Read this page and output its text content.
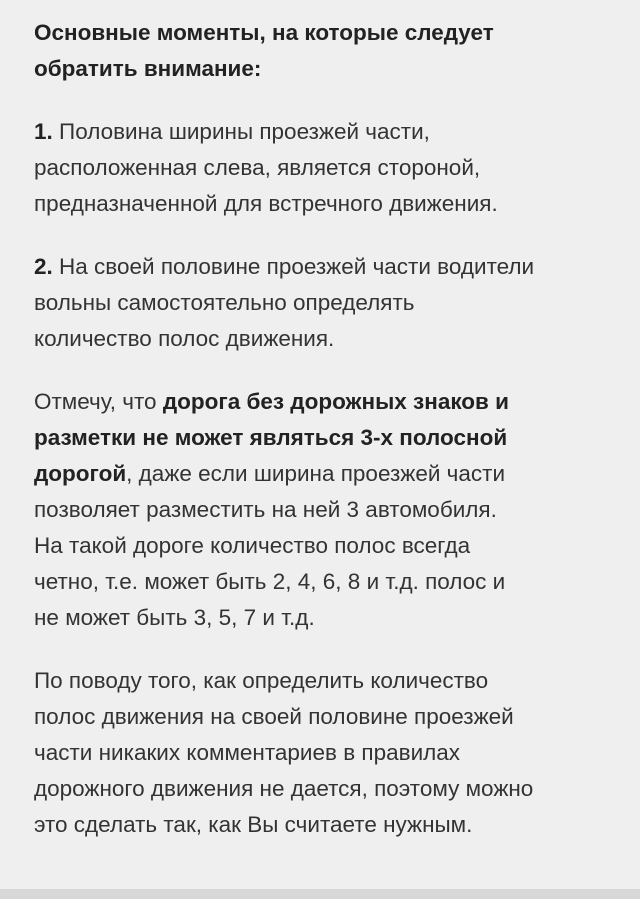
Основные моменты, на которые следует
обратить внимание:
1. Половина ширины проезжей части,
расположенная слева, является стороной,
предназначенной для встречного движения.
2. На своей половине проезжей части водители
вольны самостоятельно определять
количество полос движения.
Отмечу, что дорога без дорожных знаков и
разметки не может являться 3-х полосной
дорогой, даже если ширина проезжей части
позволяет разместить на ней 3 автомобиля.
На такой дороге количество полос всегда
четно, т.е. может быть 2, 4, 6, 8 и т.д. полос и
не может быть 3, 5, 7 и т.д.
По поводу того, как определить количество
полос движения на своей половине проезжей
части никаких комментариев в правилах
дорожного движения не дается, поэтому можно
это сделать так, как Вы считаете нужным.
